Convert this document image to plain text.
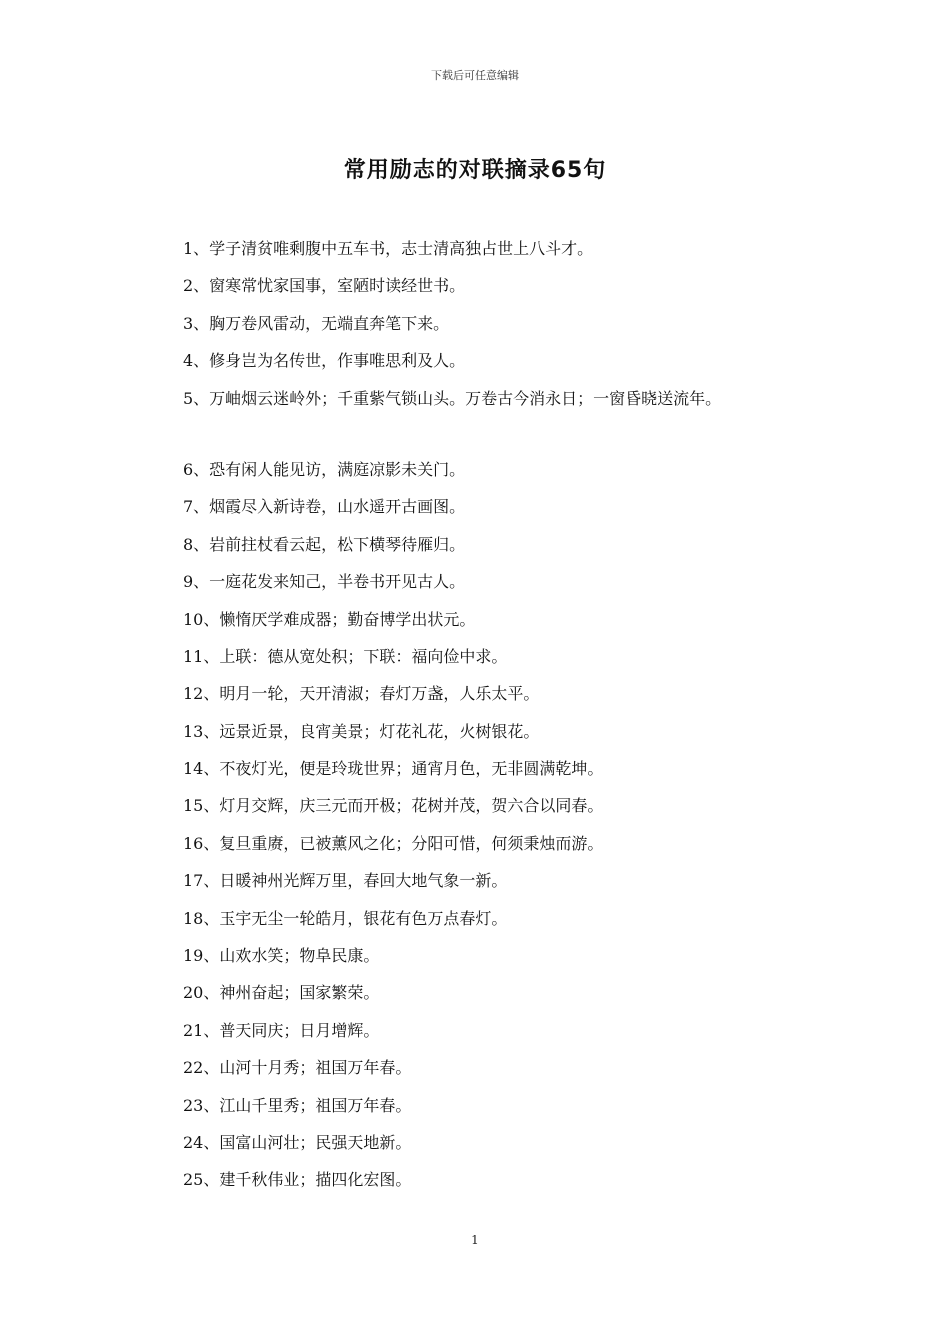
下载后可任意编辑
常用励志的对联摘录65句
1、学子清贫唯剩腹中五车书，志士清高独占世上八斗才。
2、窗寒常忧家国事，室陋时读经世书。
3、胸万卷风雷动，无端直奔笔下来。
4、修身岂为名传世，作事唯思利及人。
5、万岫烟云迷岭外；千重紫气锁山头。万卷古今消永日；一窗昏晓送流年。
6、恐有闲人能见访，满庭凉影未关门。
7、烟霞尽入新诗卷，山水遥开古画图。
8、岩前拄杖看云起，松下横琴待雁归。
9、一庭花发来知己，半卷书开见古人。
10、懒惰厌学难成器；勤奋博学出状元。
11、上联：德从宽处积；下联：福向俭中求。
12、明月一轮，天开清淑；春灯万盏，人乐太平。
13、远景近景，良宵美景；灯花礼花，火树银花。
14、不夜灯光，便是玲珑世界；通宵月色，无非圆满乾坤。
15、灯月交辉，庆三元而开极；花树并茂，贺六合以同春。
16、复旦重赓，已被薰风之化；分阳可惜，何须秉烛而游。
17、日暖神州光辉万里，春回大地气象一新。
18、玉宇无尘一轮皓月，银花有色万点春灯。
19、山欢水笑；物阜民康。
20、神州奋起；国家繁荣。
21、普天同庆；日月增辉。
22、山河十月秀；祖国万年春。
23、江山千里秀；祖国万年春。
24、国富山河壮；民强天地新。
25、建千秋伟业；描四化宏图。
1
